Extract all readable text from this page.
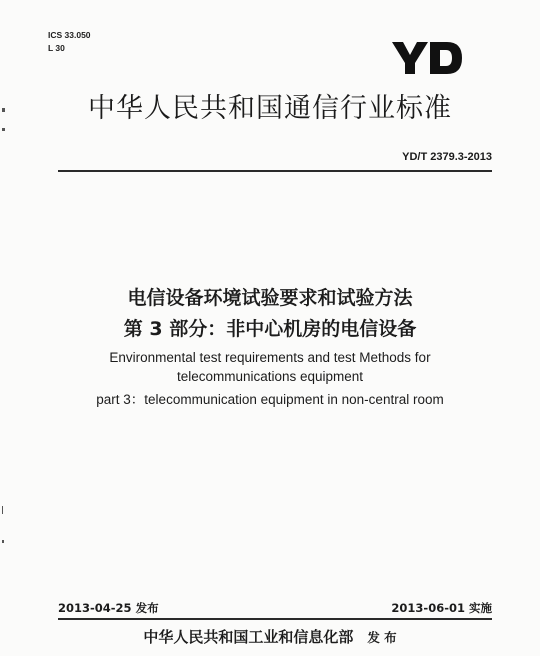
ICS 33.050
L 30
中华人民共和国通信行业标准
YD/T 2379.3-2013
电信设备环境试验要求和试验方法
第 3 部分：非中心机房的电信设备
Environmental test requirements and test Methods for
telecommunications equipment
part 3：telecommunication equipment in non-central room
2013-04-25 发布	2013-06-01 实施
中华人民共和国工业和信息化部 发 布
